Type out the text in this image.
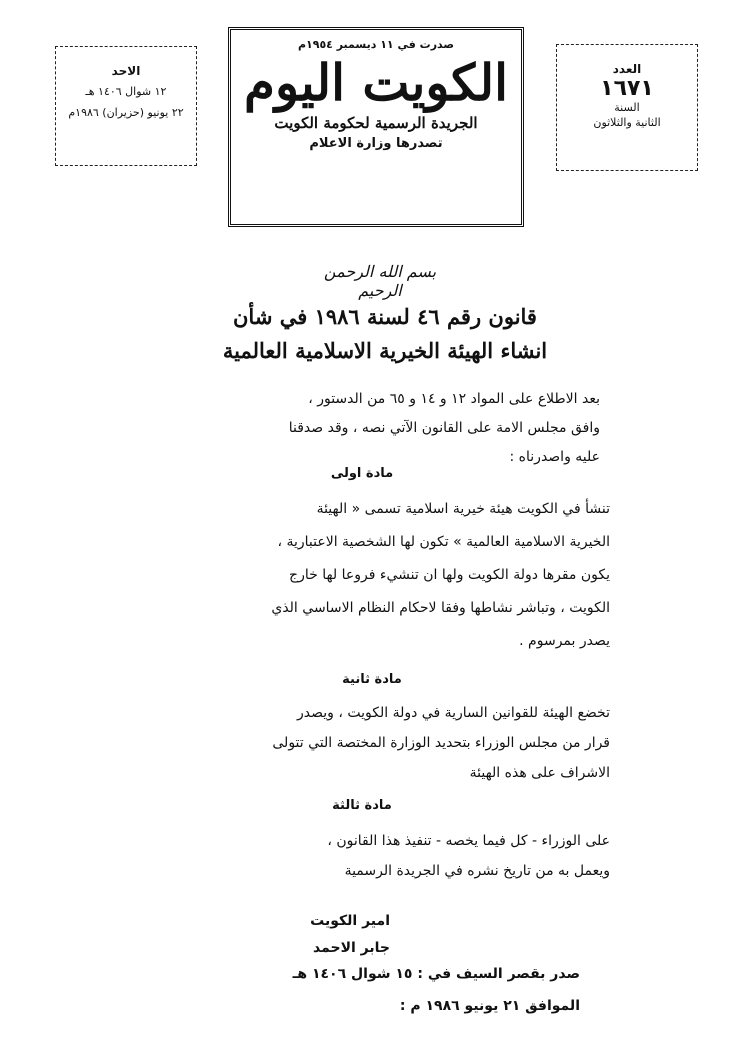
الاحد
١٢ شوال ١٤٠٦ هـ
٢٢ يونيو (حزيران) ١٩٨٦م
صدرت في ١١ ديسمبر ١٩٥٤م
الكويت اليوم
الجريدة الرسمية لحكومة الكويت
تصدرها وزارة الاعلام
العدد
١٦٧١
السنة
الثانية والثلاثون
بسم الله الرحمن الرحيم
قانون رقم ٤٦ لسنة ١٩٨٦ في شأن
انشاء الهيئة الخيرية الاسلامية العالمية
بعد الاطلاع على المواد ١٢ و ١٤ و ٦٥ من الدستور ،
وافق مجلس الامة على القانون الآتي نصه ، وقد صدقنا
عليه واصدرناه :
مادة اولى
تنشأ في الكويت هيئة خيرية اسلامية تسمى « الهيئة
الخيرية الاسلامية العالمية » تكون لها الشخصية الاعتبارية ،
يكون مقرها دولة الكويت ولها ان تنشيء فروعا لها خارج
الكويت ، وتباشر نشاطها وفقا لاحكام النظام الاساسي الذي
يصدر بمرسوم .
مادة ثانية
تخضع الهيئة للقوانين السارية في دولة الكويت ، ويصدر
قرار من مجلس الوزراء بتحديد الوزارة المختصة التي تتولى
الاشراف على هذه الهيئة
مادة ثالثة
على الوزراء - كل فيما يخصه - تنفيذ هذا القانون ،
ويعمل به من تاريخ نشره في الجريدة الرسمية
امير الكويت
جابر الاحمد
صدر بقصر السيف في : ١٥ شوال ١٤٠٦ هـ
الموافق ٢١ يونيو ١٩٨٦ م :
